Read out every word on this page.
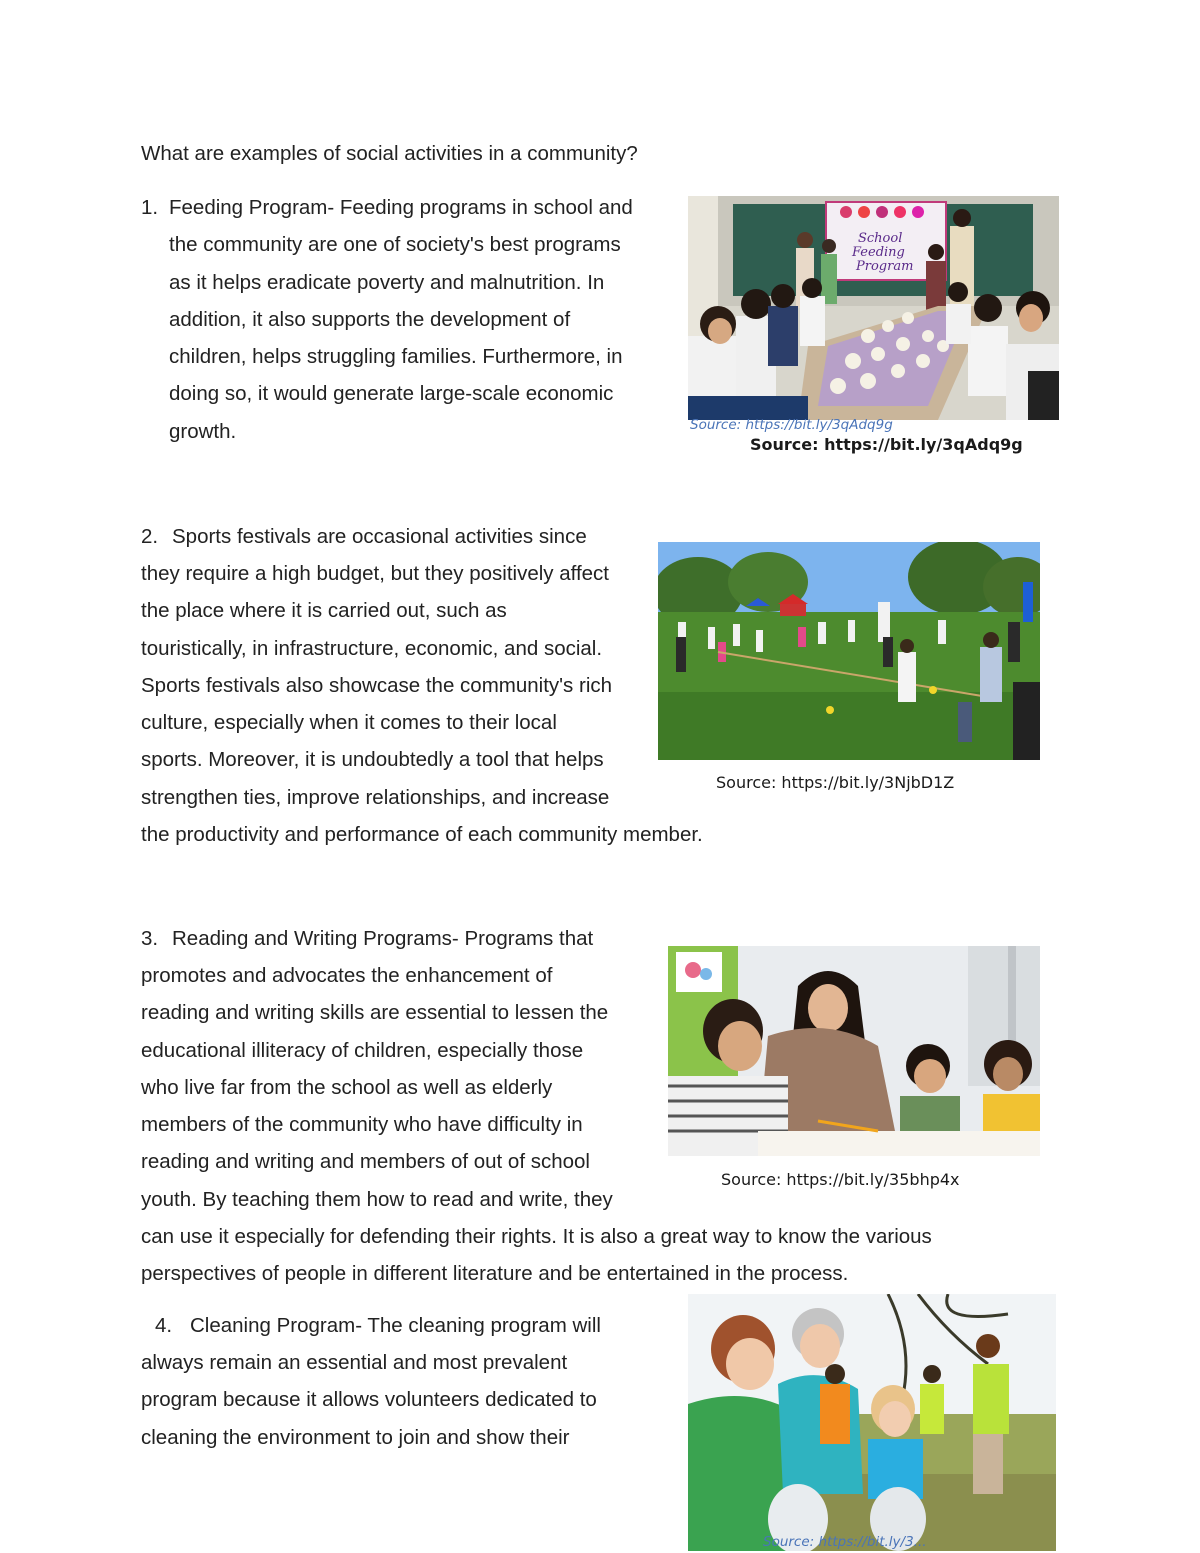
What are examples of social activities in a community?
1. Feeding Program- Feeding programs in school and
the community are one of society's best programs
as it helps eradicate poverty and malnutrition. In
addition, it also supports the development of
children, helps struggling families. Furthermore, in
doing so, it would generate large-scale economic
growth.
School
Feeding
Program
Source: https://bit.ly/3qAdq9g
Source: https://bit.ly/3qAdq9g
2. Sports festivals are occasional activities since
they require a high budget, but they positively affect
the place where it is carried out, such as
touristically, in infrastructure, economic, and social.
Sports festivals also showcase the community's rich
culture, especially when it comes to their local
sports. Moreover, it is undoubtedly a tool that helps
strengthen ties, improve relationships, and increase
the productivity and performance of each community member.
Source: https://bit.ly/3NjbD1Z
3. Reading and Writing Programs- Programs that
promotes and advocates the enhancement of
reading and writing skills are essential to lessen the
educational illiteracy of children, especially those
who live far from the school as well as elderly
members of the community who have difficulty in
reading and writing and members of out of school
youth. By teaching them how to read and write, they
can use it especially for defending their rights. It is also a great way to know the various
perspectives of people in different literature and be entertained in the process.
Source: https://bit.ly/35bhp4x
4. Cleaning Program- The cleaning program will
always remain an essential and most prevalent
program because it allows volunteers dedicated to
cleaning the environment to join and show their
Source: https://bit.ly/3...
